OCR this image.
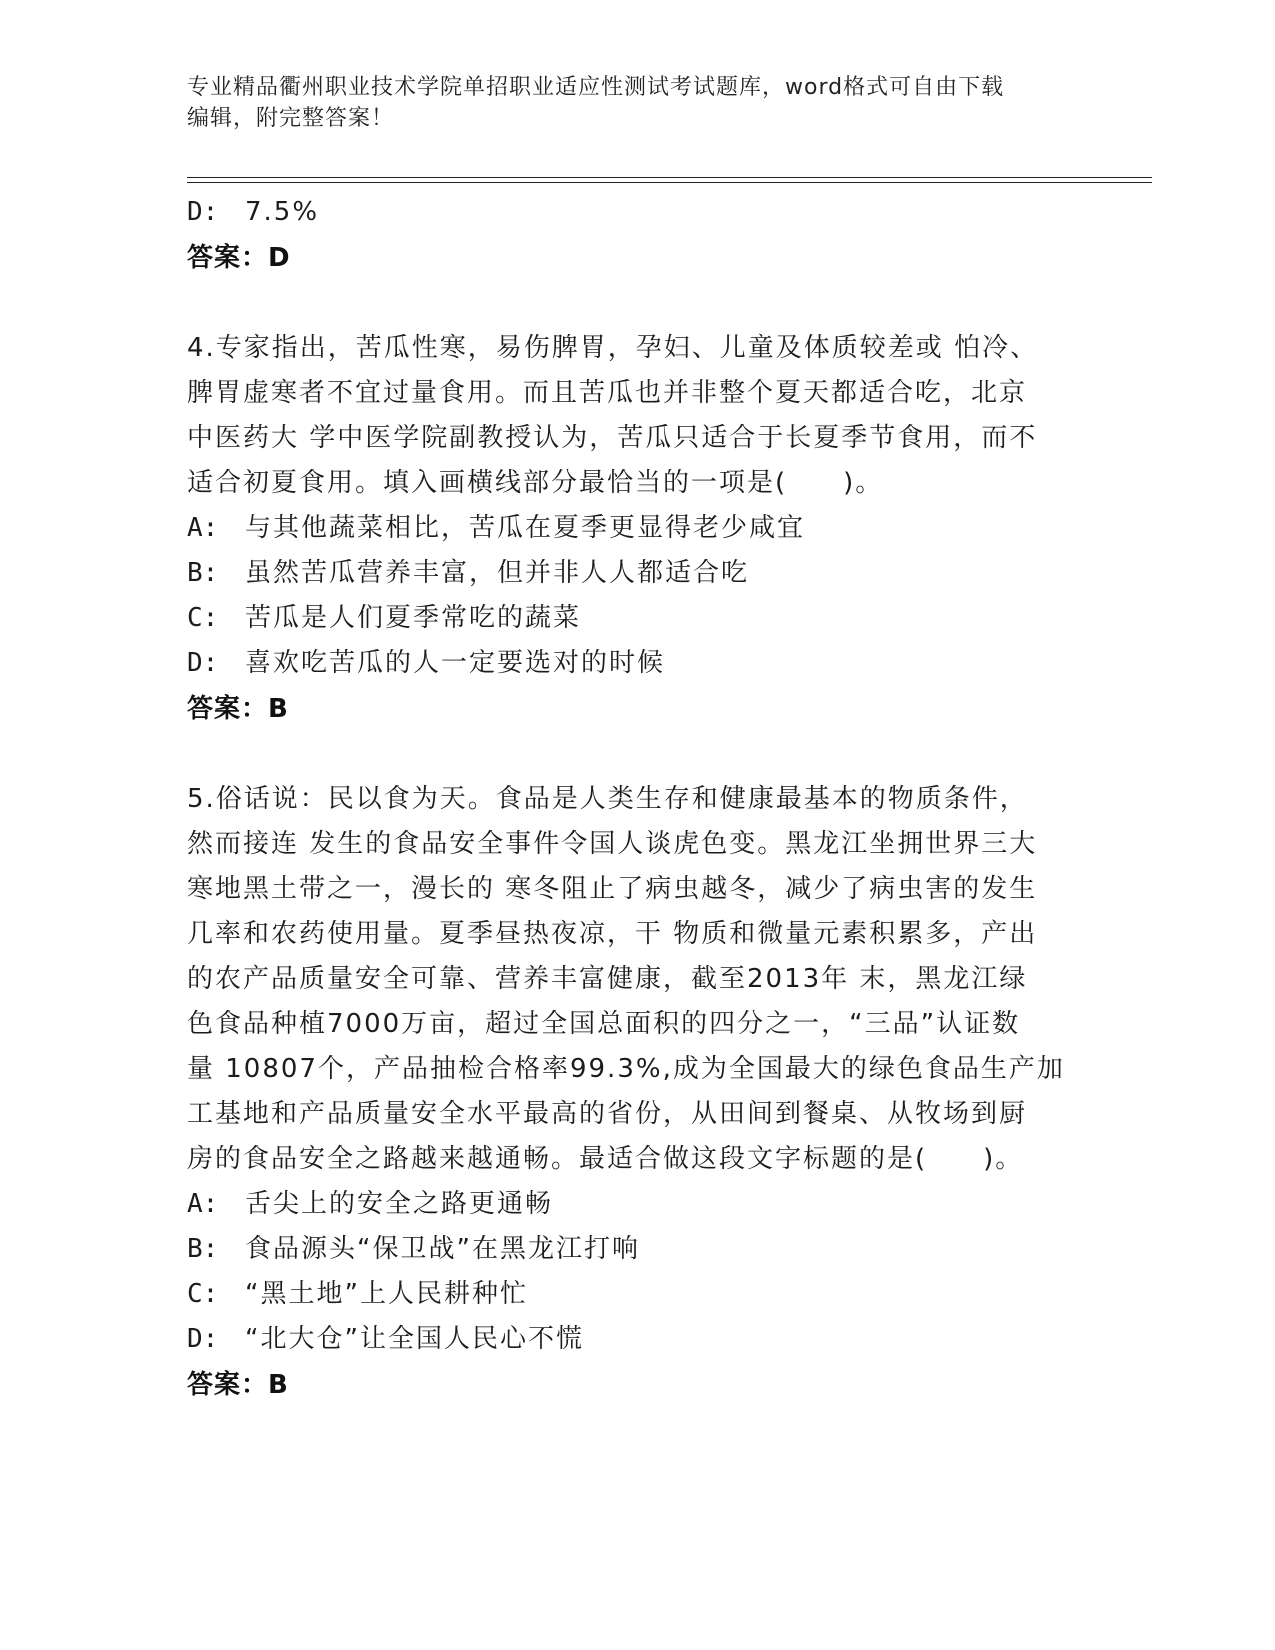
专业精品衢州职业技术学院单招职业适应性测试考试题库，word格式可自由下载
编辑，附完整答案！
D: 7.5%
答案：D
4.专家指出，苦瓜性寒，易伤脾胃，孕妇、儿童及体质较差或 怕冷、
脾胃虚寒者不宜过量食用。而且苦瓜也并非整个夏天都适合吃，北京
中医药大 学中医学院副教授认为，苦瓜只适合于长夏季节食用，而不
适合初夏食用。填入画横线部分最恰当的一项是(　　)。
A: 与其他蔬菜相比，苦瓜在夏季更显得老少咸宜
B: 虽然苦瓜营养丰富，但并非人人都适合吃
C: 苦瓜是人们夏季常吃的蔬菜
D: 喜欢吃苦瓜的人一定要选对的时候
答案：B
5.俗话说：民以食为天。食品是人类生存和健康最基本的物质条件，
然而接连 发生的食品安全事件令国人谈虎色变。黑龙江坐拥世界三大
寒地黑土带之一，漫长的 寒冬阻止了病虫越冬，减少了病虫害的发生
几率和农药使用量。夏季昼热夜凉，干 物质和微量元素积累多，产出
的农产品质量安全可靠、营养丰富健康，截至2013年 末，黑龙江绿
色食品种植7000万亩，超过全国总面积的四分之一，“三品”认证数
量 10807个，产品抽检合格率99.3%,成为全国最大的绿色食品生产加
工基地和产品质量安全水平最高的省份，从田间到餐桌、从牧场到厨
房的食品安全之路越来越通畅。最适合做这段文字标题的是(　　)。
A: 舌尖上的安全之路更通畅
B: 食品源头“保卫战”在黑龙江打响
C: “黑土地”上人民耕种忙
D: “北大仓”让全国人民心不慌
答案：B
